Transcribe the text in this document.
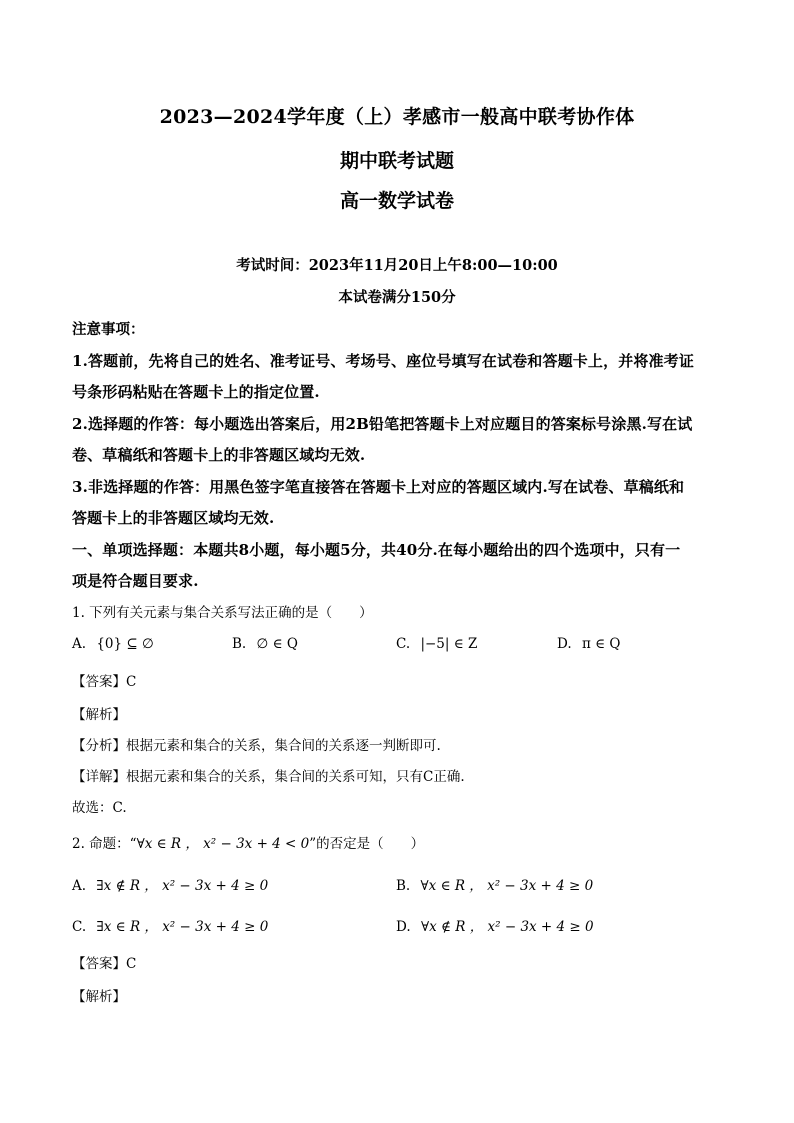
2023—2024学年度（上）孝感市一般高中联考协作体
期中联考试题
高一数学试卷
考试时间：2023年11月20日上午8:00—10:00
本试卷满分150分
注意事项：
1.答题前，先将自己的姓名、准考证号、考场号、座位号填写在试卷和答题卡上，并将准考证
号条形码粘贴在答题卡上的指定位置.
2.选择题的作答：每小题选出答案后，用2B铅笔把答题卡上对应题目的答案标号涂黑.写在试
卷、草稿纸和答题卡上的非答题区域均无效.
3.非选择题的作答：用黑色签字笔直接答在答题卡上对应的答题区域内.写在试卷、草稿纸和
答题卡上的非答题区域均无效.
一、单项选择题：本题共8小题，每小题5分，共40分.在每小题给出的四个选项中，只有一
项是符合题目要求.
1. 下列有关元素与集合关系写法正确的是（　　）
A. {0} ⊆ ∅	B. ∅ ∈ Q	C. |−5| ∈ Z	D. π ∈ Q
【答案】C
【解析】
【分析】根据元素和集合的关系，集合间的关系逐一判断即可.
【详解】根据元素和集合的关系，集合间的关系可知，只有C正确.
故选：C.
2. 命题：“∀x ∈ R ， x² − 3x + 4 < 0”的否定是（　　）
A. ∃x ∉ R ， x² − 3x + 4 ≥ 0	B. ∀x ∈ R ， x² − 3x + 4 ≥ 0
C. ∃x ∈ R ， x² − 3x + 4 ≥ 0	D. ∀x ∉ R ， x² − 3x + 4 ≥ 0
【答案】C
【解析】
